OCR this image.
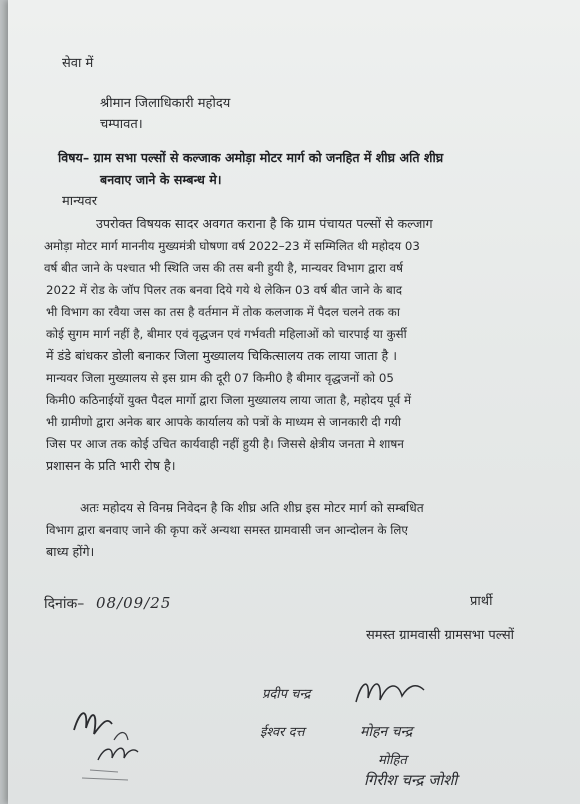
सेवा में
श्रीमान जिलाधिकारी महोदय
चम्पावत।
विषय– ग्राम सभा पल्सों से कल्जाक अमोड़ा मोटर मार्ग को जनहित में शीघ्र अति शीघ्र
बनवाए जाने के सम्बन्ध मे।
मान्यवर
उपरोक्त विषयक सादर अवगत कराना है कि ग्राम पंचायत पल्सों से कल्जाग
अमोड़ा मोटर मार्ग माननीय मुख्यमंत्री घोषणा वर्ष 2022–23 में सम्मिलित थी महोदय 03
वर्ष बीत जाने के पश्चात भी स्थिति जस की तस बनी हुयी है, मान्यवर विभाग द्वारा वर्ष
2022 में रोड के जॉप पिलर तक बनवा दिये गये थे लेकिन 03 वर्ष बीत जाने के बाद
भी विभाग का रवैया जस का तस है वर्तमान में तोक कलजाक में पैदल चलने तक का
कोई सुगम मार्ग नहीं है, बीमार एवं वृद्धजन एवं गर्भवती महिलाओं को चारपाई या कुर्सी
में डंडे बांधकर डोली बनाकर जिला मुख्यालय चिकित्सालय तक लाया जाता है ।
मान्यवर जिला मुख्यालय से इस ग्राम की दूरी 07 किमी0 है बीमार वृद्धजनों को 05
किमी0 कठिनाईयों युक्त पैदल मार्गो द्वारा जिला मुख्यालय लाया जाता है, महोदय पूर्व में
भी ग्रामीणो द्वारा अनेक बार आपके कार्यालय को पत्रों के माध्यम से जानकारी दी गयी
जिस पर आज तक कोई उचित कार्यवाही नहीं हुयी है। जिससे क्षेत्रीय जनता मे शाषन
प्रशासन के प्रति भारी रोष है।
अतः महोदय से विनम्र निवेदन है कि शीघ्र अति शीघ्र इस मोटर मार्ग को सम्बधित
विभाग द्वारा बनवाए जाने की कृपा करें अन्यथा समस्त ग्रामवासी जन आन्दोलन के लिए
बाध्य होंगे।
दिनांक– 08/09/25	प्रार्थी
समस्त ग्रामवासी ग्रामसभा पल्सों
प्रदीप चन्द्र
ईश्वर दत्त	मोहन चन्द्र
मोहित
गिरीश चन्द्र जोशी
